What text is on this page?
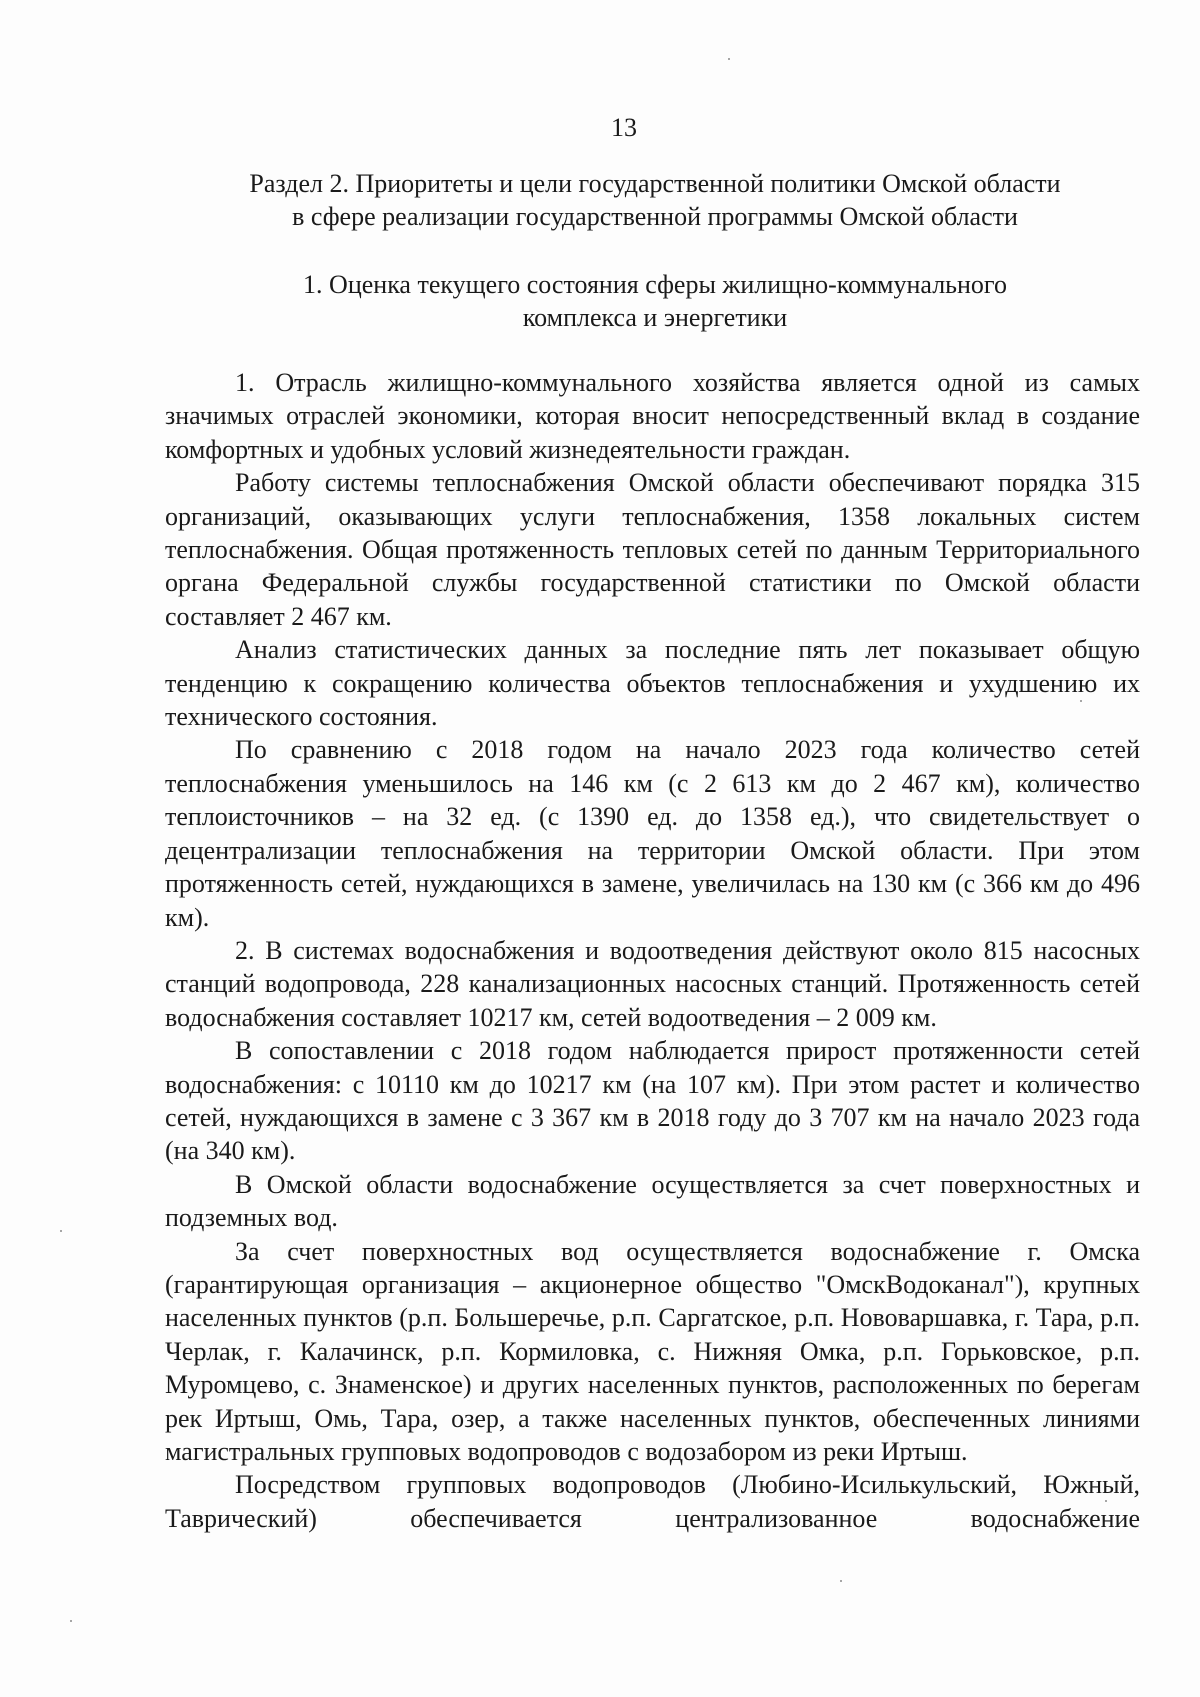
13
Раздел 2. Приоритеты и цели государственной политики Омской области
в сфере реализации государственной программы Омской области
1. Оценка текущего состояния сферы жилищно-коммунального
комплекса и энергетики

1. Отрасль жилищно-коммунального хозяйства является одной из самых значимых отраслей экономики, которая вносит непосредственный вклад в создание комфортных и удобных условий жизнедеятельности граждан.

Работу системы теплоснабжения Омской области обеспечивают порядка 315 организаций, оказывающих услуги теплоснабжения, 1358 локальных систем теплоснабжения. Общая протяженность тепловых сетей по данным Территориального органа Федеральной службы государственной статистики по Омской области составляет 2 467 км.

Анализ статистических данных за последние пять лет показывает общую тенденцию к сокращению количества объектов теплоснабжения и ухудшению их технического состояния.

По сравнению с 2018 годом на начало 2023 года количество сетей теплоснабжения уменьшилось на 146 км (с 2 613 км до 2 467 км), количество теплоисточников – на 32 ед. (с 1390 ед. до 1358 ед.), что свидетельствует о децентрализации теплоснабжения на территории Омской области. При этом протяженность сетей, нуждающихся в замене, увеличилась на 130 км (с 366 км до 496 км).

2. В системах водоснабжения и водоотведения действуют около 815 насосных станций водопровода, 228 канализационных насосных станций. Протяженность сетей водоснабжения составляет 10217 км, сетей водоотведения – 2 009 км.

В сопоставлении с 2018 годом наблюдается прирост протяженности сетей водоснабжения: с 10110 км до 10217 км (на 107 км). При этом растет и количество сетей, нуждающихся в замене с 3 367 км в 2018 году до 3 707 км на начало 2023 года (на 340 км).

В Омской области водоснабжение осуществляется за счет поверхностных и подземных вод.

За счет поверхностных вод осуществляется водоснабжение г. Омска (гарантирующая организация – акционерное общество "ОмскВодоканал"), крупных населенных пунктов (р.п. Большеречье, р.п. Саргатское, р.п. Нововаршавка, г. Тара, р.п. Черлак, г. Калачинск, р.п. Кормиловка, с. Нижняя Омка, р.п. Горьковское, р.п. Муромцево, с. Знаменское) и других населенных пунктов, расположенных по берегам рек Иртыш, Омь, Тара, озер, а также населенных пунктов, обеспеченных линиями магистральных групповых водопроводов с водозабором из реки Иртыш.

Посредством групповых водопроводов (Любино-Исилькульский, Южный, Таврический) обеспечивается централизованное водоснабжение
